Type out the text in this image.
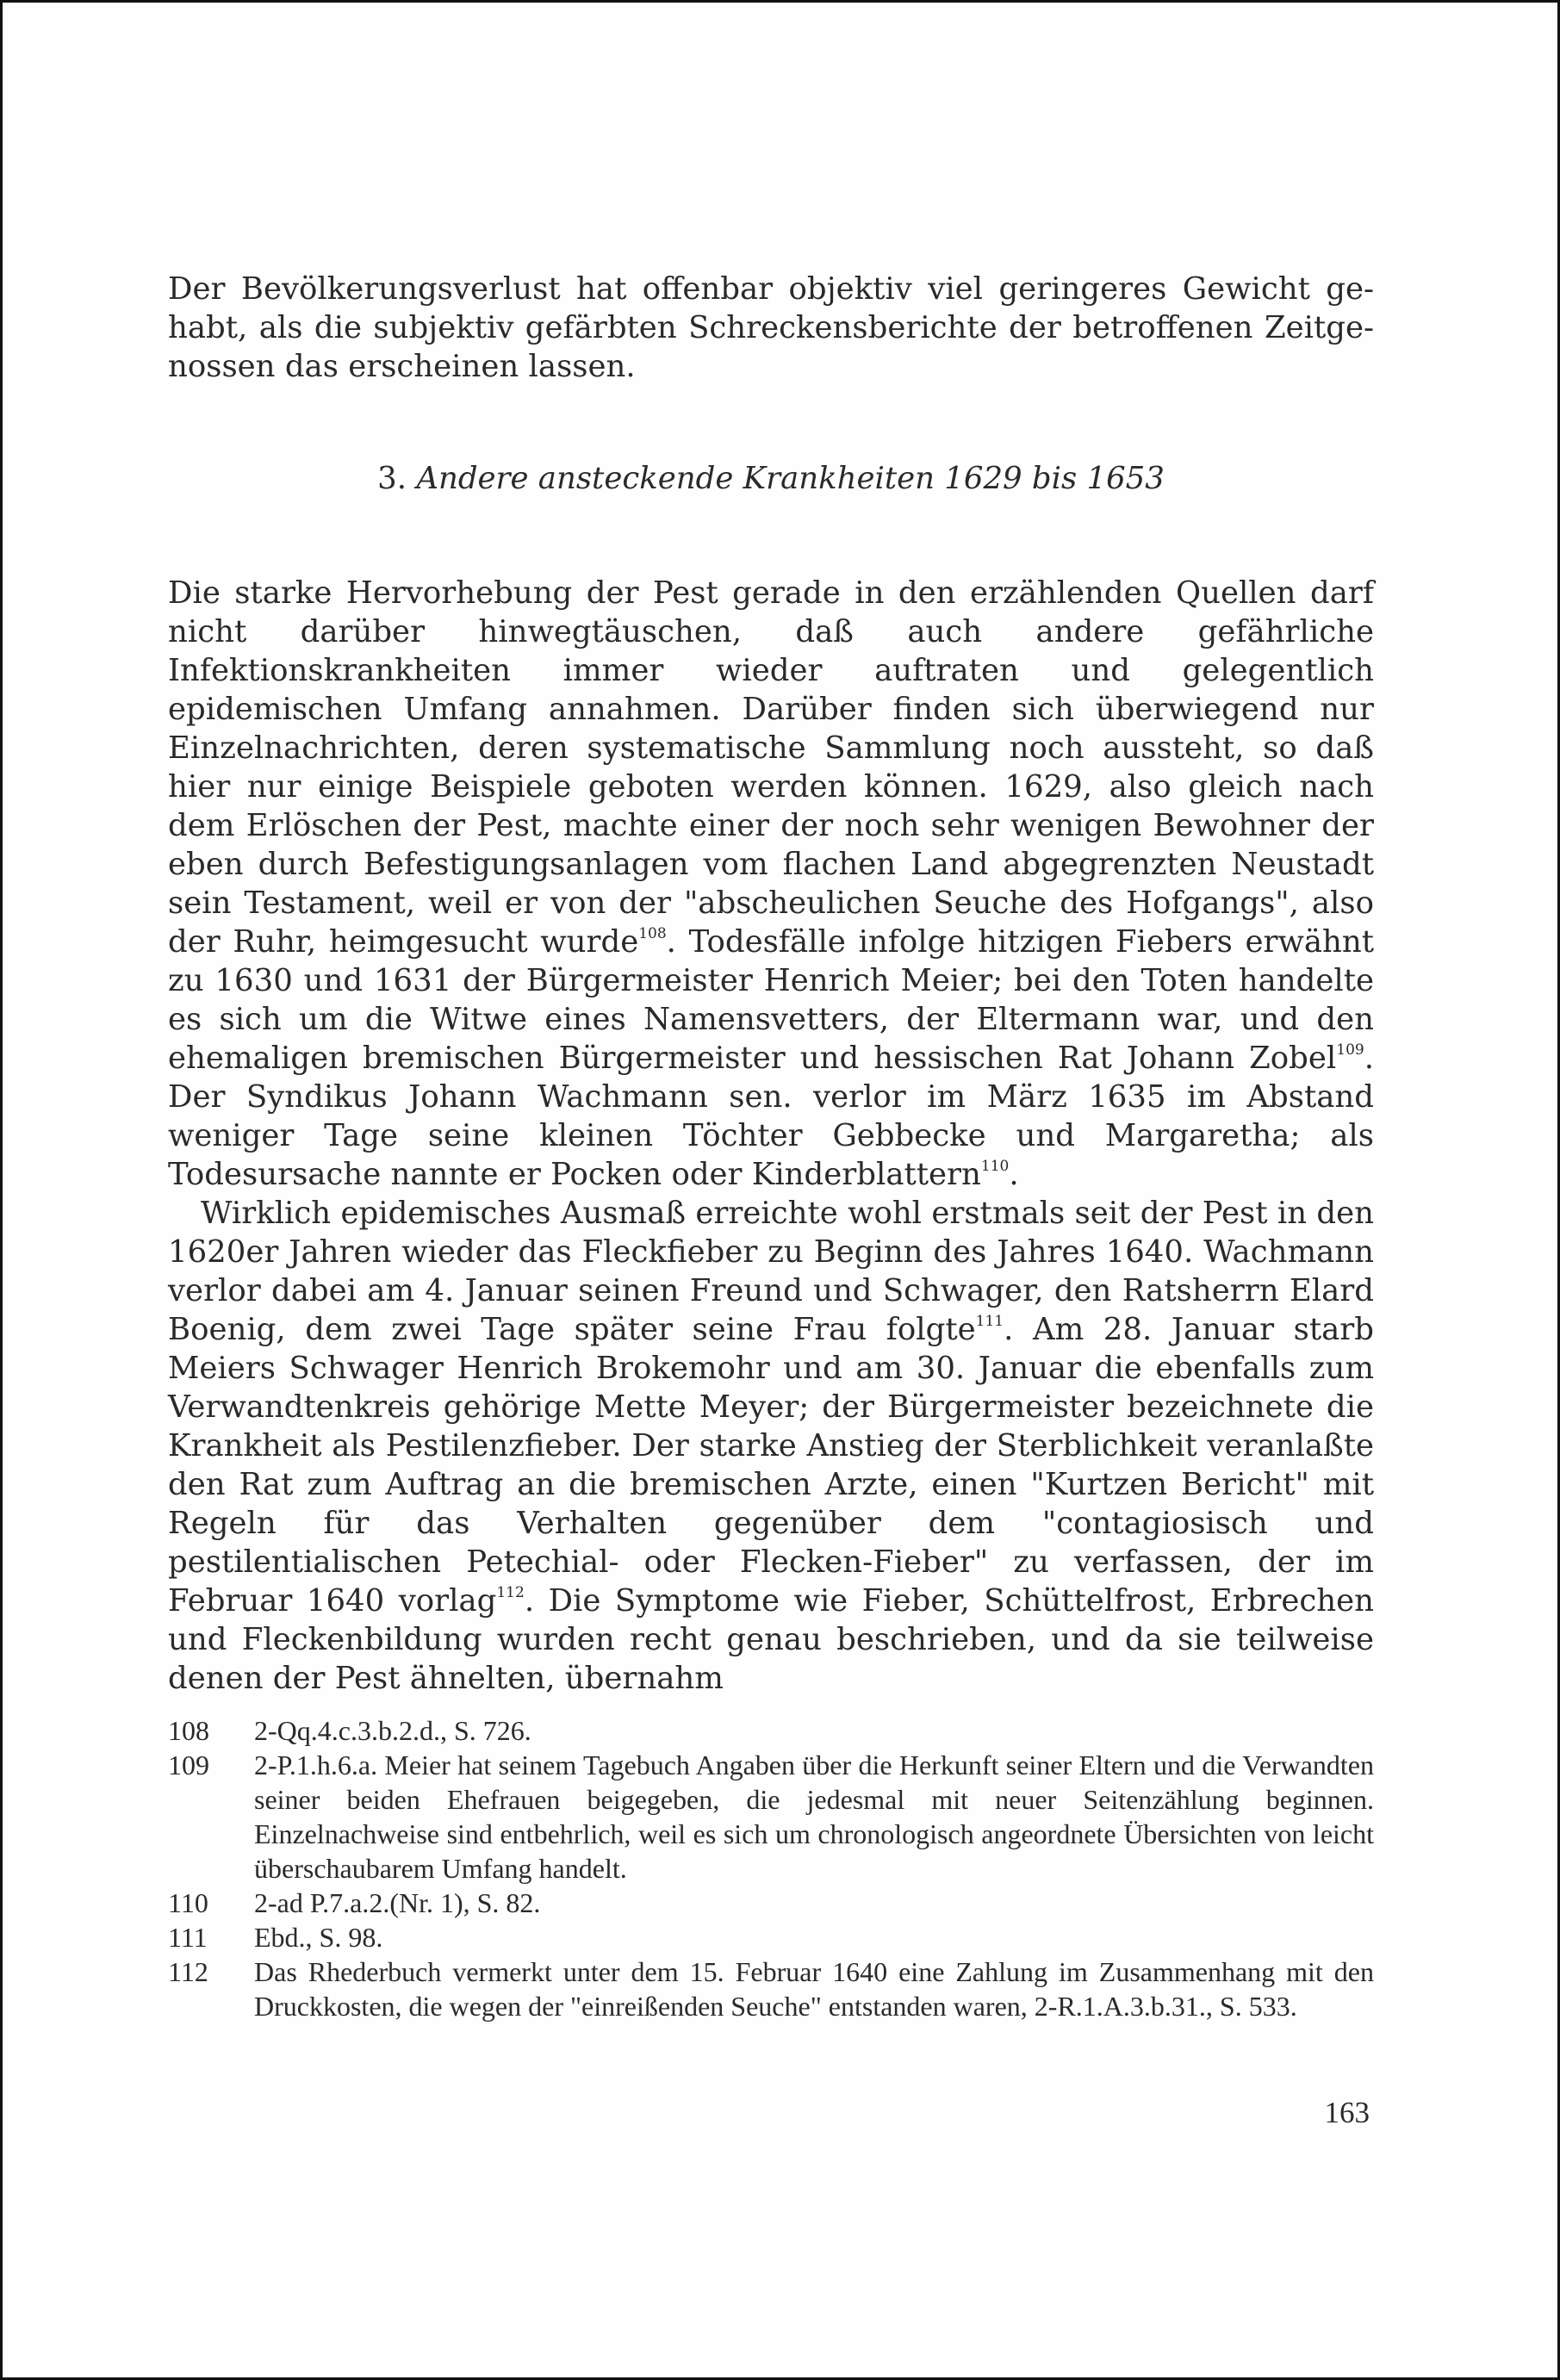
Der Bevölkerungsverlust hat offenbar objektiv viel geringeres Gewicht gehabt, als die subjektiv gefärbten Schreckensberichte der betroffenen Zeitgenossen das erscheinen lassen.
3. Andere ansteckende Krankheiten 1629 bis 1653

Die starke Hervorhebung der Pest gerade in den erzählenden Quellen darf nicht darüber hinwegtäuschen, daß auch andere gefährliche Infektionskrankheiten immer wieder auftraten und gelegentlich epidemischen Umfang annahmen. Darüber finden sich überwiegend nur Einzelnachrichten, deren systematische Sammlung noch aussteht, so daß hier nur einige Beispiele geboten werden können. 1629, also gleich nach dem Erlöschen der Pest, machte einer der noch sehr wenigen Bewohner der eben durch Befestigungsanlagen vom flachen Land abgegrenzten Neustadt sein Testament, weil er von der "abscheulichen Seuche des Hofgangs", also der Ruhr, heimgesucht wurde$^{108}$. Todesfälle infolge hitzigen Fiebers erwähnt zu 1630 und 1631 der Bürgermeister Henrich Meier; bei den Toten handelte es sich um die Witwe eines Namensvetters, der Eltermann war, und den ehemaligen bremischen Bürgermeister und hessischen Rat Johann Zobel$^{109}$. Der Syndikus Johann Wachmann sen. verlor im März 1635 im Abstand weniger Tage seine kleinen Töchter Gebbecke und Margaretha; als Todesursache nannte er Pocken oder Kinderblattern$^{110}$.

Wirklich epidemisches Ausmaß erreichte wohl erstmals seit der Pest in den 1620er Jahren wieder das Fleckfieber zu Beginn des Jahres 1640. Wachmann verlor dabei am 4. Januar seinen Freund und Schwager, den Ratsherrn Elard Boenig, dem zwei Tage später seine Frau folgte$^{111}$. Am 28. Januar starb Meiers Schwager Henrich Brokemohr und am 30. Januar die ebenfalls zum Verwandtenkreis gehörige Mette Meyer; der Bürgermeister bezeichnete die Krankheit als Pestilenzfieber. Der starke Anstieg der Sterblichkeit veranlaßte den Rat zum Auftrag an die bremischen Arzte, einen "Kurtzen Bericht" mit Regeln für das Verhalten gegenüber dem "contagiosisch und pestilentialischen Petechial- oder Flecken-Fieber" zu verfassen, der im Februar 1640 vorlag$^{112}$. Die Symptome wie Fieber, Schüttelfrost, Erbrechen und Fleckenbildung wurden recht genau beschrieben, und da sie teilweise denen der Pest ähnelten, übernahm

108	2-Qq.4.c.3.b.2.d., S. 726.
109	2-P.1.h.6.a. Meier hat seinem Tagebuch Angaben über die Herkunft seiner Eltern und die Verwandten seiner beiden Ehefrauen beigegeben, die jedesmal mit neuer Seitenzählung beginnen. Einzelnachweise sind entbehrlich, weil es sich um chronologisch angeordnete Übersichten von leicht überschaubarem Umfang handelt.
110	2-ad P.7.a.2.(Nr. 1), S. 82.
111	Ebd., S. 98.
112	Das Rhederbuch vermerkt unter dem 15. Februar 1640 eine Zahlung im Zusammenhang mit den Druckkosten, die wegen der "einreißenden Seuche" entstanden waren, 2-R.1.A.3.b.31., S. 533.
163
